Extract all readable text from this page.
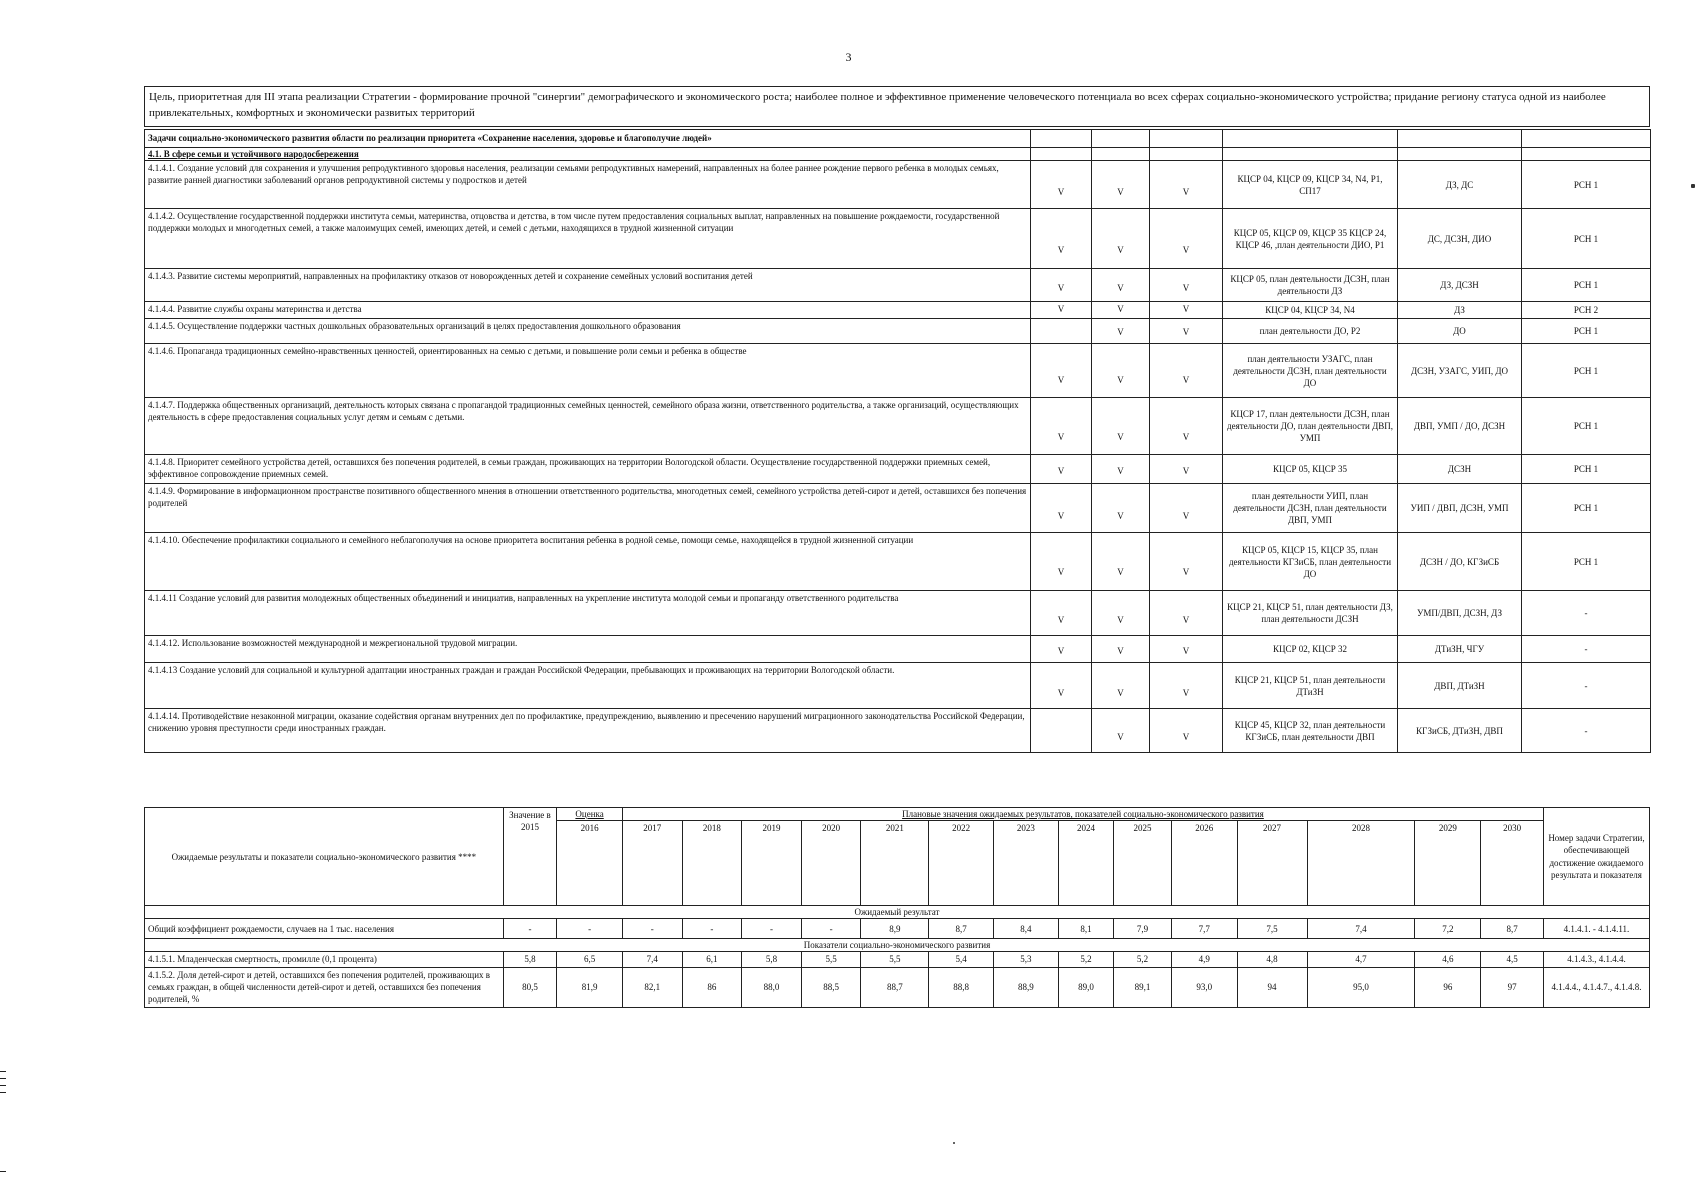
3
Цель, приоритетная для III этапа реализации Стратегии - формирование прочной "синергии" демографического и экономического роста; наиболее полное и эффективное применение человеческого потенциала во всех сферах социально-экономического устройства; придание региону статуса одной из наиболее привлекательных, комфортных и экономически развитых территорий
Задачи социально-экономического развития области по реализации приоритета «Сохранение населения, здоровье и благополучие людей»						
4.1. В сфере семьи и устойчивого народосбережения						
4.1.4.1. Создание условий для сохранения и улучшения репродуктивного здоровья населения, реализации семьями репродуктивных намерений, направленных на более раннее рождение первого ребенка в молодых семьях, развитие ранней диагностики заболеваний органов репродуктивной системы у подростков и детей	V	V	V	КЦСР 04, КЦСР 09, КЦСР 34, N4, Р1, СП17	ДЗ, ДС	РСН 1
4.1.4.2. Осуществление государственной поддержки института семьи, материнства, отцовства и детства, в том числе путем предоставления социальных выплат, направленных на повышение рождаемости, государственной поддержки молодых и многодетных семей, а также малоимущих семей, имеющих детей, и семей с детьми, находящихся в трудной жизненной ситуации	V	V	V	КЦСР 05, КЦСР 09, КЦСР 35 КЦСР 24, КЦСР 46, ,план деятельности ДИО, Р1	ДС, ДСЗН, ДИО	РСН 1
4.1.4.3. Развитие системы мероприятий, направленных на профилактику отказов от новорожденных детей и сохранение семейных условий воспитания детей	V	V	V	КЦСР 05, план деятельности ДСЗН, план деятельности ДЗ	ДЗ, ДСЗН	РСН 1
4.1.4.4. Развитие службы охраны материнства и детства	V	V	V	КЦСР 04, КЦСР 34, N4	ДЗ	РСН 2
4.1.4.5. Осуществление поддержки частных дошкольных образовательных организаций в целях предоставления дошкольного образования		V	V	план деятельности ДО, Р2	ДО	РСН 1
4.1.4.6. Пропаганда традиционных семейно-нравственных ценностей, ориентированных на семью с детьми, и повышение роли семьи и ребенка в обществе	V	V	V	план деятельности УЗАГС, план деятельности ДСЗН, план деятельности ДО	ДСЗН, УЗАГС, УИП, ДО	РСН 1
4.1.4.7. Поддержка общественных организаций, деятельность которых связана с пропагандой традиционных семейных ценностей, семейного образа жизни, ответственного родительства, а также организаций, осуществляющих деятельность в сфере предоставления социальных услуг детям и семьям с детьми.	V	V	V	КЦСР 17, план деятельности ДСЗН, план деятельности ДО, план деятельности ДВП, УМП	ДВП, УМП / ДО, ДСЗН	РСН 1
4.1.4.8. Приоритет семейного устройства детей, оставшихся без попечения родителей, в семьи граждан, проживающих на территории Вологодской области. Осуществление государственной поддержки приемных семей, эффективное сопровождение приемных семей.	V	V	V	КЦСР 05, КЦСР 35	ДСЗН	РСН 1
4.1.4.9. Формирование в информационном пространстве позитивного общественного мнения в отношении ответственного родительства, многодетных семей, семейного устройства детей-сирот и детей, оставшихся без попечения родителей	V	V	V	план деятельности УИП, план деятельности ДСЗН, план деятельности ДВП, УМП	УИП / ДВП, ДСЗН, УМП	РСН 1
4.1.4.10. Обеспечение профилактики социального и семейного неблагополучия на основе приоритета воспитания ребенка в родной семье, помощи семье, находящейся в трудной жизненной ситуации	V	V	V	КЦСР 05, КЦСР 15, КЦСР 35, план деятельности КГЗиСБ, план деятельности ДО	ДСЗН / ДО, КГЗиСБ	РСН 1
4.1.4.11 Создание условий для развития молодежных общественных объединений и инициатив, направленных на укрепление института молодой семьи и пропаганду ответственного родительства	V	V	V	КЦСР 21, КЦСР 51, план деятельности ДЗ, план деятельности ДСЗН	УМП/ДВП, ДСЗН, ДЗ	-
4.1.4.12. Использование возможностей международной и межрегиональной трудовой миграции.	V	V	V	КЦСР 02, КЦСР 32	ДТиЗН, ЧГУ	-
4.1.4.13 Создание условий для социальной и культурной адаптации иностранных граждан и граждан Российской Федерации, пребывающих и проживающих на территории Вологодской области.	V	V	V	КЦСР 21, КЦСР 51, план деятельности ДТиЗН	ДВП, ДТиЗН	-
4.1.4.14. Противодействие незаконной миграции, оказание содействия органам внутренних дел по профилактике, предупреждению, выявлению и пресечению нарушений миграционного законодательства Российской Федерации, снижению уровня преступности среди иностранных граждан.		V	V	КЦСР 45, КЦСР 32, план деятельности КГЗиСБ, план деятельности ДВП	КГЗиСБ, ДТиЗН, ДВП	-
Ожидаемые результаты и показатели социально-экономического развития ****	Значение в 2015	Оценка	Плановые значения ожидаемых результатов, показателей социально-экономического развития														Номер задачи Стратегии, обеспечивающей достижение ожидаемого результата и показателя
		2016	2017	2018	2019	2020	2021	2022	2023	2024	2025	2026	2027	2028	2029	2030	
Ожидаемый результат																	
Общий коэффициент рождаемости, случаев на 1 тыс. населения	-	-	-	-	-	-	8,9	8,7	8,4	8,1	7,9	7,7	7,5	7,4	7,2	8,7	4.1.4.1. - 4.1.4.11.
Показатели социально-экономического развития																	
4.1.5.1. Младенческая смертность, промилле (0,1 процента)	5,8	6,5	7,4	6,1	5,8	5,5	5,5	5,4	5,3	5,2	5,2	4,9	4,8	4,7	4,6	4,5	4.1.4.3., 4.1.4.4.
4.1.5.2. Доля детей-сирот и детей, оставшихся без попечения родителей, проживающих в семьях граждан, в общей численности детей-сирот и детей, оставшихся без попечения родителей, %	80,5	81,9	82,1	86	88,0	88,5	88,7	88,8	88,9	89,0	89,1	93,0	94	95,0	96	97	4.1.4.4., 4.1.4.7., 4.1.4.8.
